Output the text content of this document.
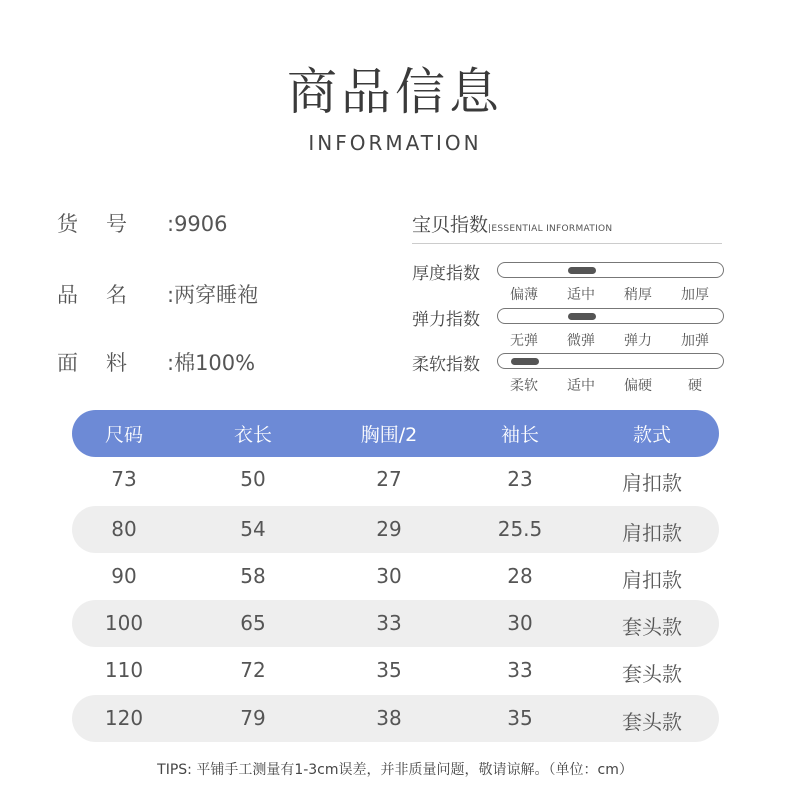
商品信息
INFORMATION
货号 :9906
品名 :两穿睡袍
面料 :棉100%
宝贝指数|ESSENTIAL INFORMATION
厚度指数
偏薄	适中	稍厚	加厚
弹力指数
无弹	微弹	弹力	加弹
柔软指数
柔软	适中	偏硬	硬
尺码	衣长	胸围/2	袖长	款式
73	50	27	23	肩扣款
80	54	29	25.5	肩扣款
90	58	30	28	肩扣款
100	65	33	30	套头款
110	72	35	33	套头款
120	79	38	35	套头款
TIPS: 平铺手工测量有1-3cm误差，并非质量问题，敬请谅解。（单位：cm）
